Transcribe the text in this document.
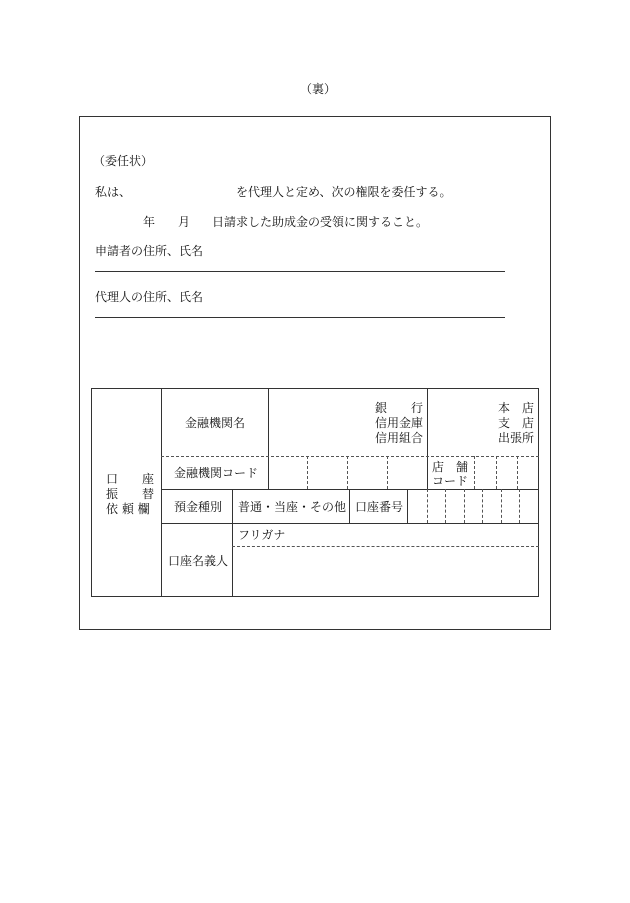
（裏）
（委任状）
私は、	を代理人と定め、次の権限を委任する。
年 月 日請求した助成金の受領に関すること。
申請者の住所、氏名
代理人の住所、氏名
口　　座
振　　替
依 頼 欄
金融機関名
銀　　行
信用金庫
信用組合
本　店
支　店
出張所
金融機関コード	店　舗
コード
預金種別 普通・当座・その他 口座番号
口座名義人
フリガナ
